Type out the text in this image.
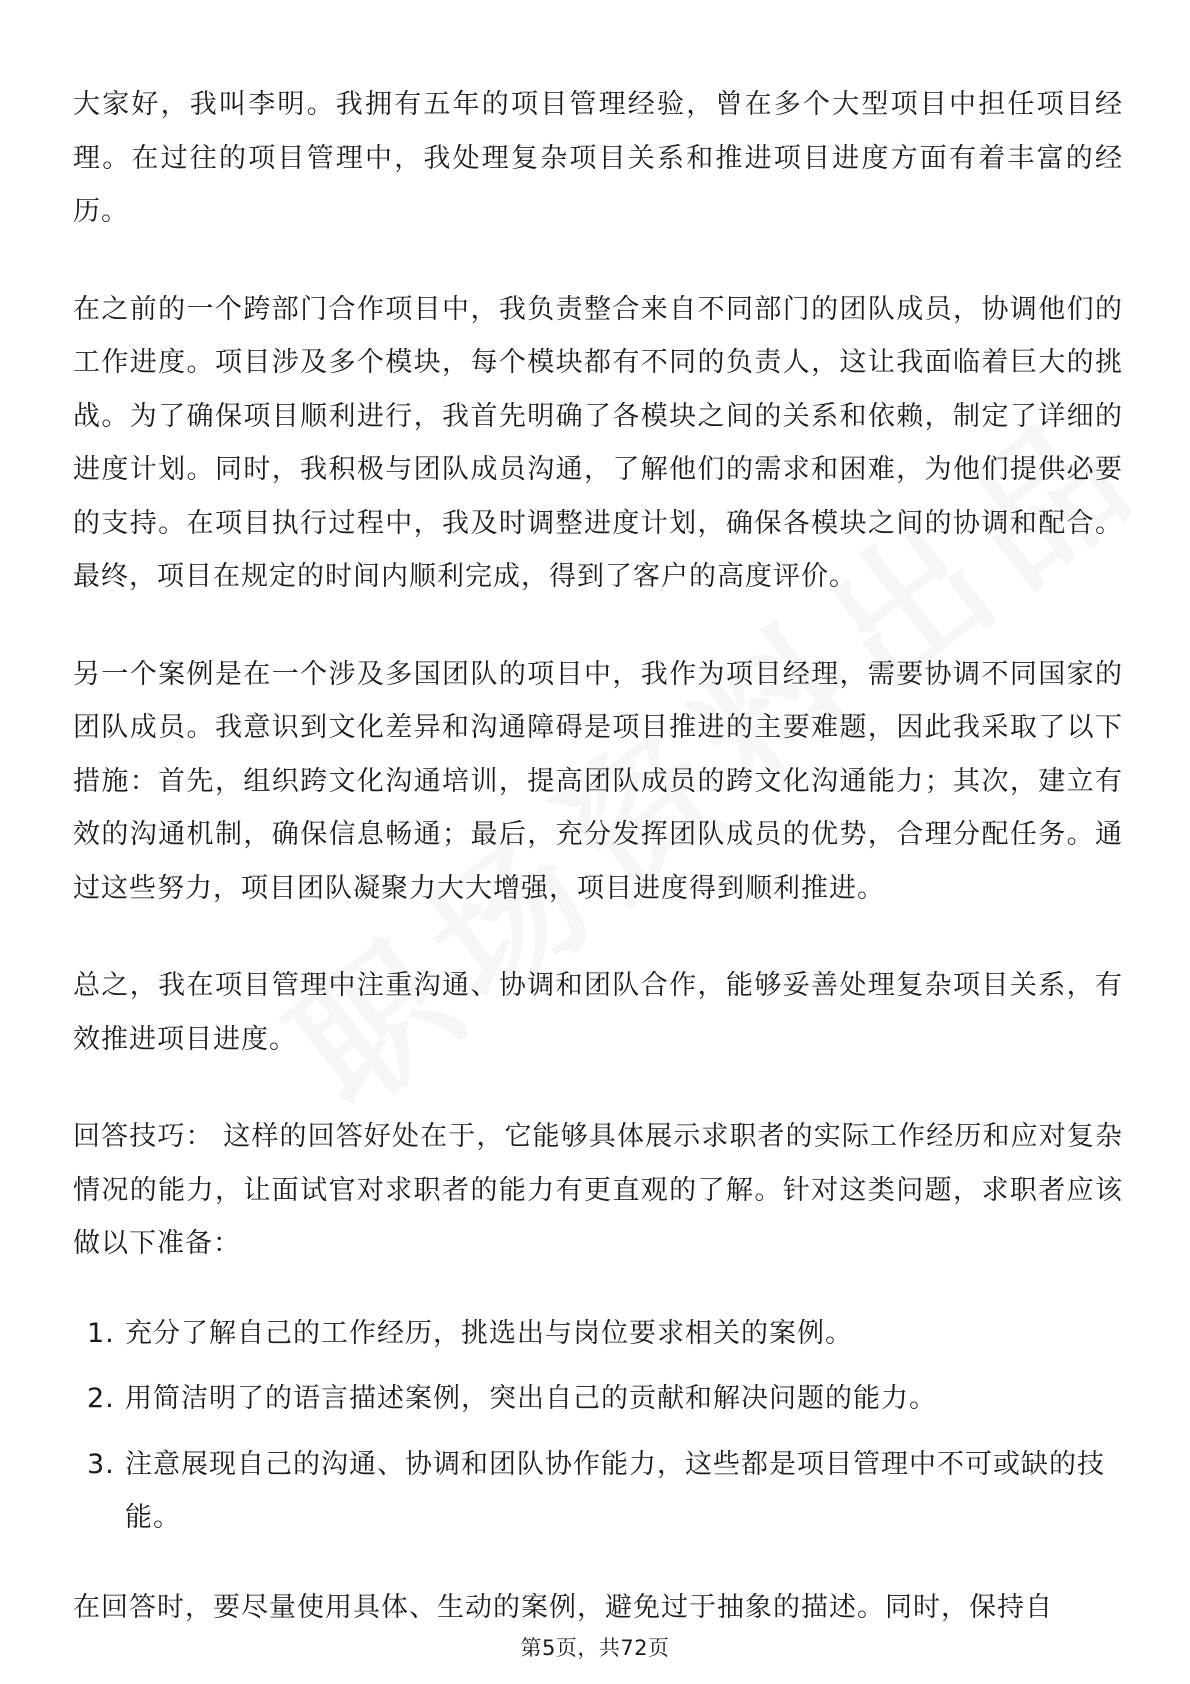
大家好，我叫李明。我拥有五年的项目管理经验，曾在多个大型项目中担任项目经理。在过往的项目管理中，我处理复杂项目关系和推进项目进度方面有着丰富的经历。

在之前的一个跨部门合作项目中，我负责整合来自不同部门的团队成员，协调他们的工作进度。项目涉及多个模块，每个模块都有不同的负责人，这让我面临着巨大的挑战。为了确保项目顺利进行，我首先明确了各模块之间的关系和依赖，制定了详细的进度计划。同时，我积极与团队成员沟通，了解他们的需求和困难，为他们提供必要的支持。在项目执行过程中，我及时调整进度计划，确保各模块之间的协调和配合。最终，项目在规定的时间内顺利完成，得到了客户的高度评价。

另一个案例是在一个涉及多国团队的项目中，我作为项目经理，需要协调不同国家的团队成员。我意识到文化差异和沟通障碍是项目推进的主要难题，因此我采取了以下措施：首先，组织跨文化沟通培训，提高团队成员的跨文化沟通能力；其次，建立有效的沟通机制，确保信息畅通；最后，充分发挥团队成员的优势，合理分配任务。通过这些努力，项目团队凝聚力大大增强，项目进度得到顺利推进。

总之，我在项目管理中注重沟通、协调和团队合作，能够妥善处理复杂项目关系，有效推进项目进度。

回答技巧： 这样的回答好处在于，它能够具体展示求职者的实际工作经历和应对复杂情况的能力，让面试官对求职者的能力有更直观的了解。针对这类问题，求职者应该做以下准备：

1. 充分了解自己的工作经历，挑选出与岗位要求相关的案例。
2. 用简洁明了的语言描述案例，突出自己的贡献和解决问题的能力。
3. 注意展现自己的沟通、协调和团队协作能力，这些都是项目管理中不可或缺的技能。

在回答时，要尽量使用具体、生动的案例，避免过于抽象的描述。同时，保持自

第5页，共72页
